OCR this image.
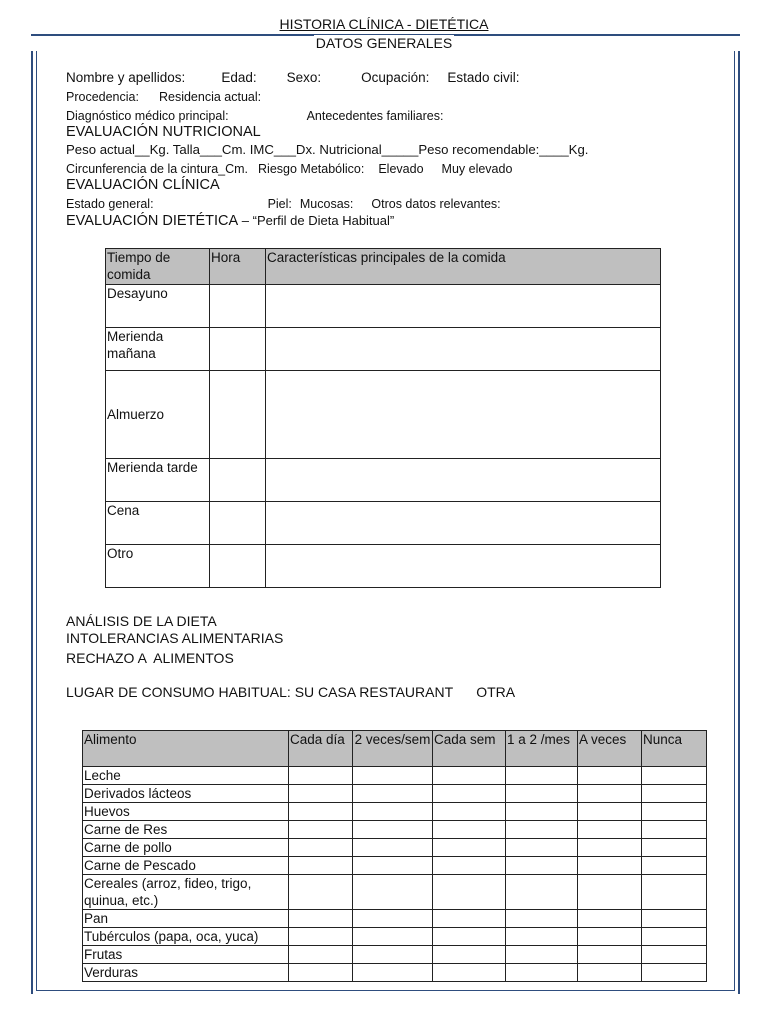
HISTORIA CLÍNICA - DIETÉTICA
DATOS GENERALES
Nombre y apellidos:	Edad: Sexo:	Ocupación: Estado civil:
Procedencia: Residencia actual:
Diagnóstico médico principal:	Antecedentes familiares:
EVALUACIÓN NUTRICIONAL
Peso actual__Kg. Talla___Cm. IMC___Dx. Nutricional_____Peso recomendable:____Kg.
Circunferencia de la cintura_Cm. Riesgo Metabólico: Elevado Muy elevado
EVALUACIÓN CLÍNICA
Estado general:	Piel: Mucosas: Otros datos relevantes:
EVALUACIÓN DIETÉTICA – “Perfil de Dieta Habitual”
Tiempo de comida	Hora	Características principales de la comida
Desayuno		
Merienda mañana		
Almuerzo		
Merienda tarde		
Cena		
Otro		
ANÁLISIS DE LA DIETA
INTOLERANCIAS ALIMENTARIAS
RECHAZO A  ALIMENTOS
LUGAR DE CONSUMO HABITUAL: SU CASA RESTAURANT      OTRA
Alimento	Cada día	2 veces/sem	Cada sem	1 a 2 /mes	A veces	Nunca
Leche						
Derivados lácteos						
Huevos						
Carne de Res						
Carne de pollo						
Carne de Pescado						
Cereales (arroz, fideo, trigo, quinua, etc.)						
Pan						
Tubérculos (papa, oca, yuca)						
Frutas						
Verduras						
